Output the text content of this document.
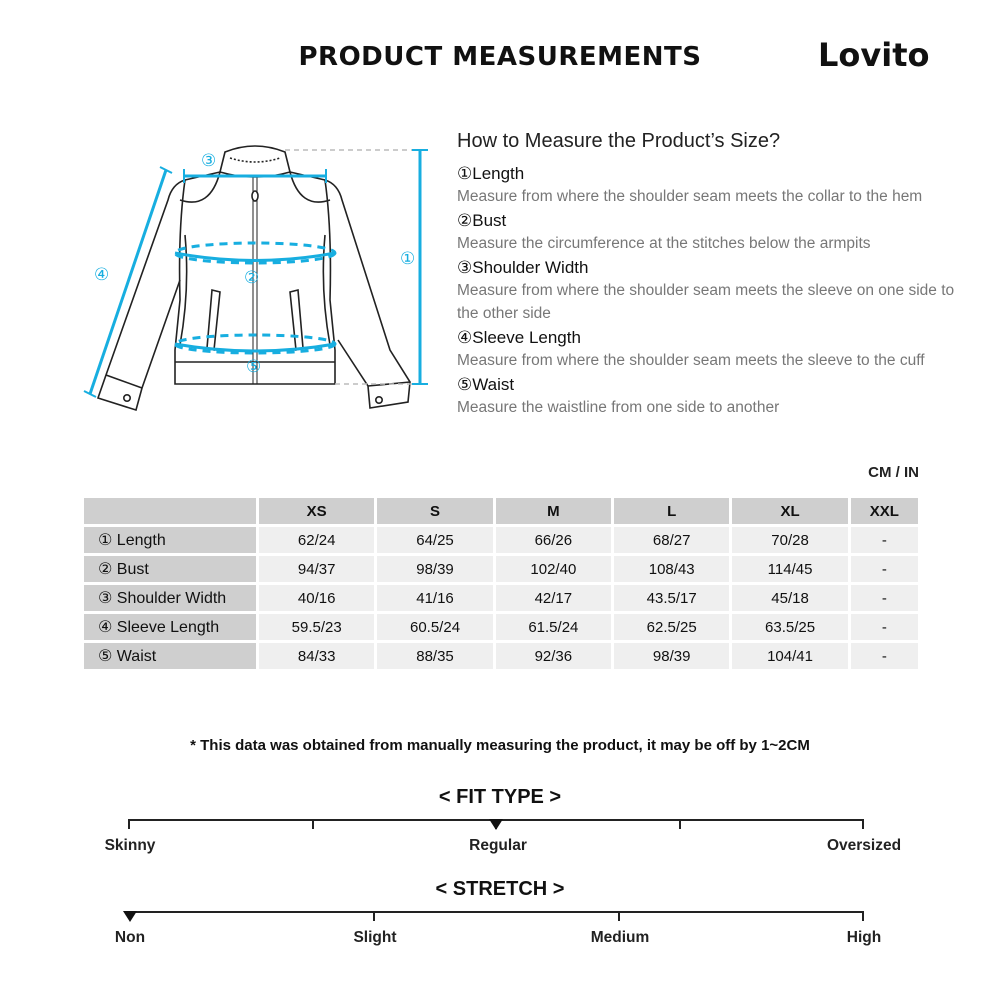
PRODUCT MEASUREMENTS	Lovito
①
②
③
④
⑤
How to Measure the Product’s Size?
①Length
Measure from where the shoulder seam meets the collar to the hem
②Bust
Measure the circumference at the stitches below the armpits
③Shoulder Width
Measure from where the shoulder seam meets the sleeve on one side to the other side
④Sleeve Length
Measure from where the shoulder seam meets the sleeve to the cuff
⑤Waist
Measure the waistline from one side to another
CM / IN
	XS	S	M	L	XL	XXL
① Length	62/24	64/25	66/26	68/27	70/28	-
② Bust	94/37	98/39	102/40	108/43	114/45	-
③ Shoulder Width	40/16	41/16	42/17	43.5/17	45/18	-
④ Sleeve Length	59.5/23	60.5/24	61.5/24	62.5/25	63.5/25	-
⑤ Waist	84/33	88/35	92/36	98/39	104/41	-
* This data was obtained from manually measuring the product, it may be off by 1~2CM
< FIT TYPE >
Skinny	Regular	Oversized
< STRETCH >
Non	Slight	Medium	High
